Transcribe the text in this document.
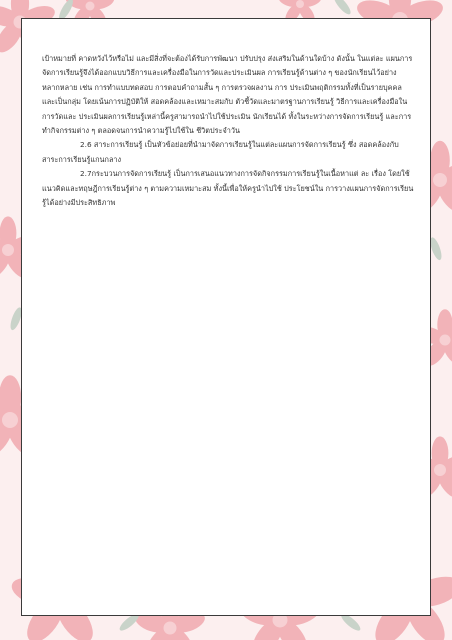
เป้าหมายที่ คาดหวังไว้หรือไม่ และมีสิ่งที่จะต้องได้รับการพัฒนา ปรับปรุง ส่งเสริมในด้านใดบ้าง ดังนั้น ในแต่ละ แผนการจัดการเรียนรู้จึงได้ออกแบบวิธีการและเครื่องมือในการวัดและประเมินผล การเรียนรู้ด้านต่าง ๆ ของนักเรียนไว้อย่างหลากหลาย เช่น การทำแบบทดสอบ การตอบคำถามสั้น ๆ การตรวจผลงาน การ ประเมินพฤติกรรมทั้งที่เป็นรายบุคคลและเป็นกลุ่ม โดยเน้นการปฏิบัติให้ สอดคล้องและเหมาะสมกับ ตัวชี้วัดและมาตรฐานการเรียนรู้ วิธีการและเครื่องมือในการวัดและ ประเมินผลการเรียนรู้เหล่านี้ครูสามารถนำไปใช้ประเมิน นักเรียนได้ ทั้งในระหว่างการจัดการเรียนรู้ และการทำกิจกรรมต่าง ๆ ตลอดจนการนำความรู้ไปใช้ใน ชีวิตประจำวัน

2.6 สาระการเรียนรู้ เป็นหัวข้อย่อยที่นำมาจัดการเรียนรู้ในแต่ละแผนการจัดการเรียนรู้ ซึ่ง สอดคล้องกับสาระการเรียนรู้แกนกลาง

2.7กระบวนการจัดการเรียนรู้ เป็นการเสนอแนวทางการจัดกิจกรรมการเรียนรู้ในเนื้อหาแต่ ละ เรื่อง โดยใช้แนวคิดและทฤษฎีการเรียนรู้ต่าง ๆ ตามความเหมาะสม ทั้งนี้เพื่อให้ครูนำไปใช้ ประโยชน์ใน การวางแผนการจัดการเรียนรู้ได้อย่างมีประสิทธิภาพ
